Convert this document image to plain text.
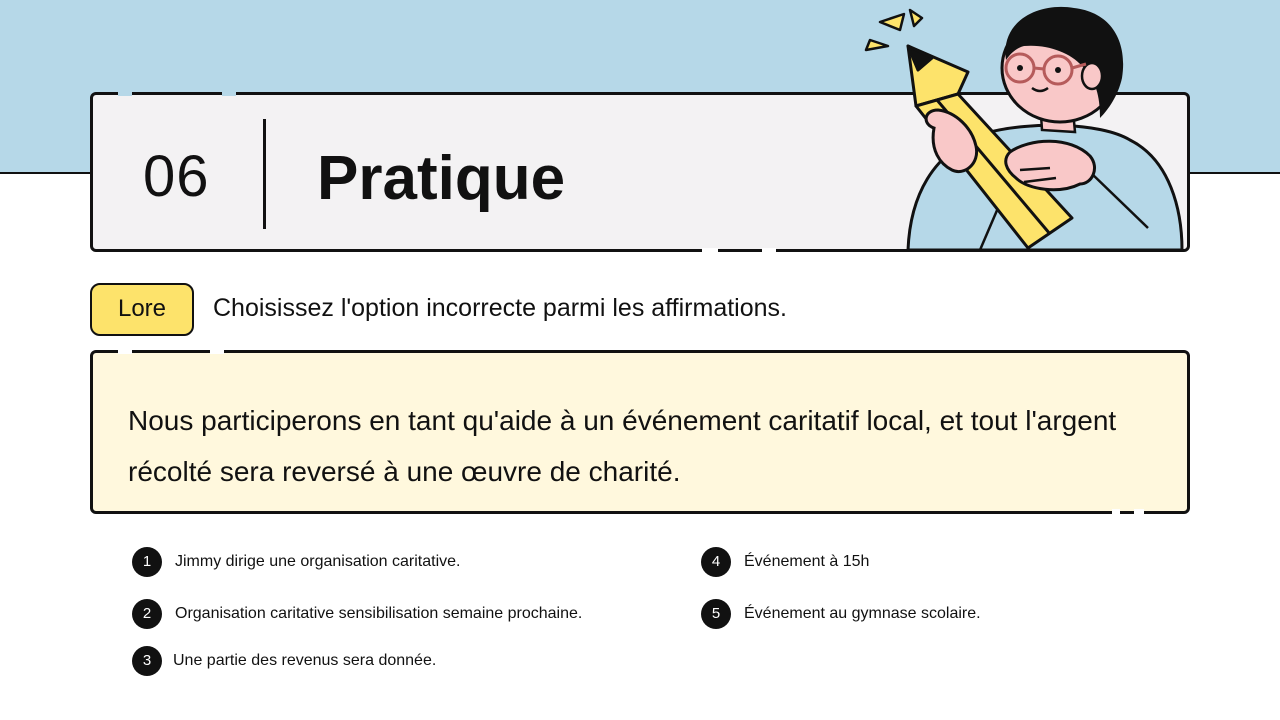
06 Pratique
Lore	Choisissez l'option incorrecte parmi les affirmations.
Nous participerons en tant qu'aide à un événement caritatif local, et tout l'argent récolté sera reversé à une œuvre de charité.
1	Jimmy dirige une organisation caritative.
2	Organisation caritative sensibilisation semaine prochaine.
3	Une partie des revenus sera donnée.
4	Événement à 15h
5	Événement au gymnase scolaire.
